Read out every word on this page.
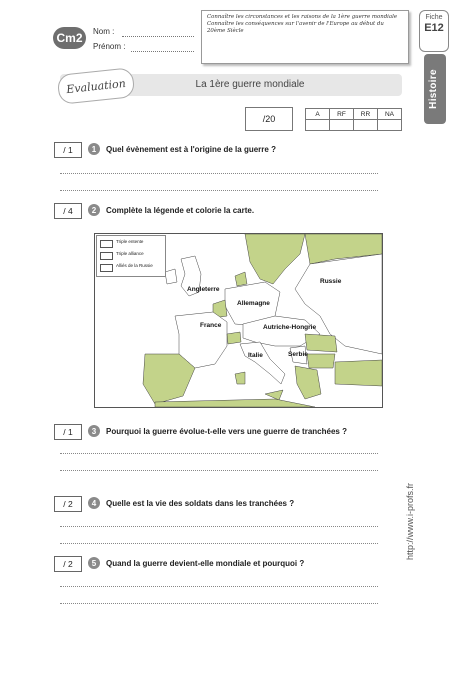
Cm2	Nom :
Prénom :

Connaître les circonstances et les raisons de la 1ère guerre mondiale

Connaître les conséquences sur l'avenir de l'Europe au début du 20ème Siècle

Fiche
E12
Histoire
Evaluation	La 1ère guerre mondiale
/20	A	RF	RR	NA

/ 1	1	Quel évènement est à l'origine de la guerre ?
/ 4	2	Complète la légende et colorie la carte.
Triple entente
Triple alliance
Alliés de la Russie
Russie
Angleterre
Allemagne
France	Autriche-Hongrie
Italie	Serbie
/ 1	3	Pourquoi la guerre évolue-t-elle vers une guerre de tranchées ?
/ 2	4	Quelle est la vie des soldats dans les tranchées ?
/ 2	5	Quand la guerre devient-elle mondiale et pourquoi ?
http://www.i-profs.fr
